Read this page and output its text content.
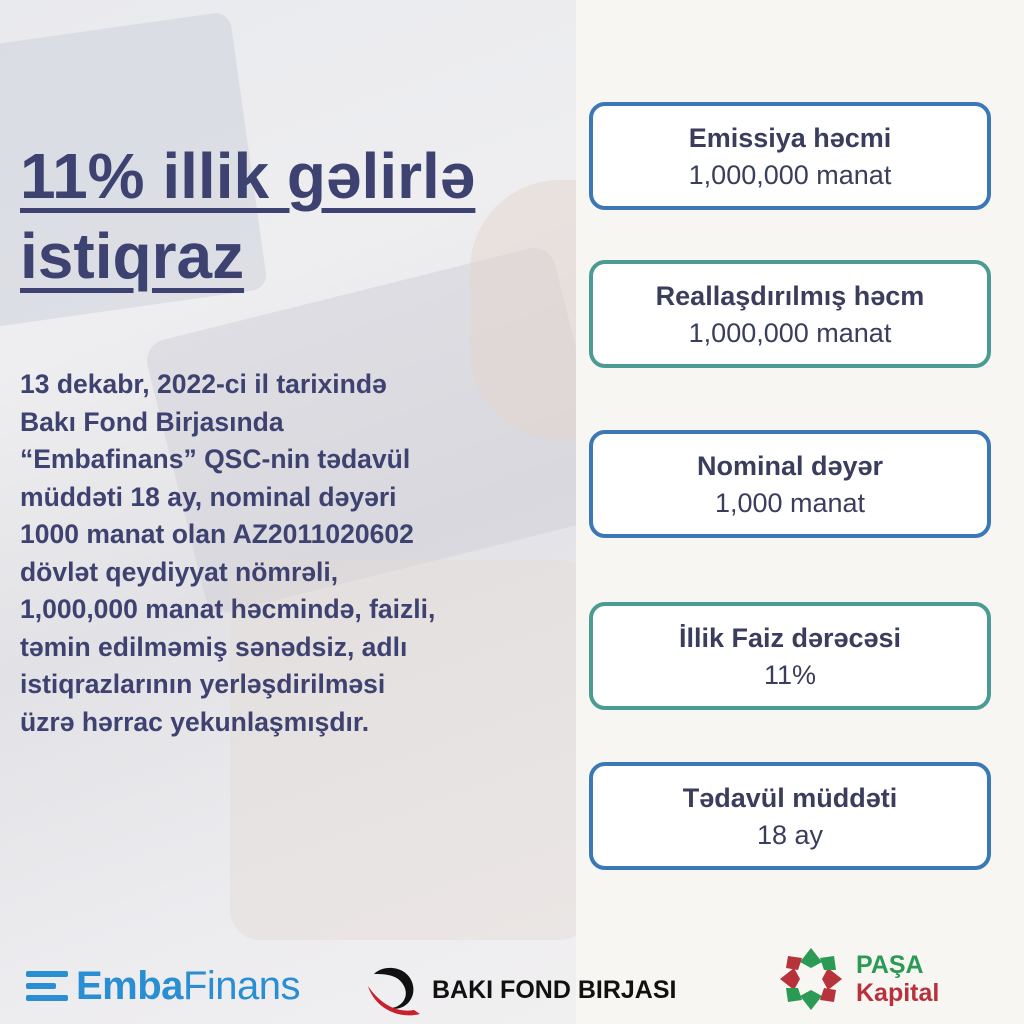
11% illik gəlirlə istiqraz

13 dekabr, 2022-ci il tarixində
Bakı Fond Birjasında
“Embafinans” QSC-nin tədavül
müddəti 18 ay, nominal dəyəri
1000 manat olan AZ2011020602
dövlət qeydiyyat nömrəli,
1,000,000 manat həcmində, faizli,
təmin edilməmiş sənədsiz, adlı
istiqrazlarının yerləşdirilməsi
üzrə hərrac yekunlaşmışdır.

Emissiya həcmi
1,000,000 manat
Reallaşdırılmış həcm
1,000,000 manat
Nominal dəyər
1,000 manat
İllik Faiz dərəcəsi
11%
Tədavül müddəti
18 ay
EmbaFinans	BAKI FOND BIRJASI
PAŞA
Kapital
